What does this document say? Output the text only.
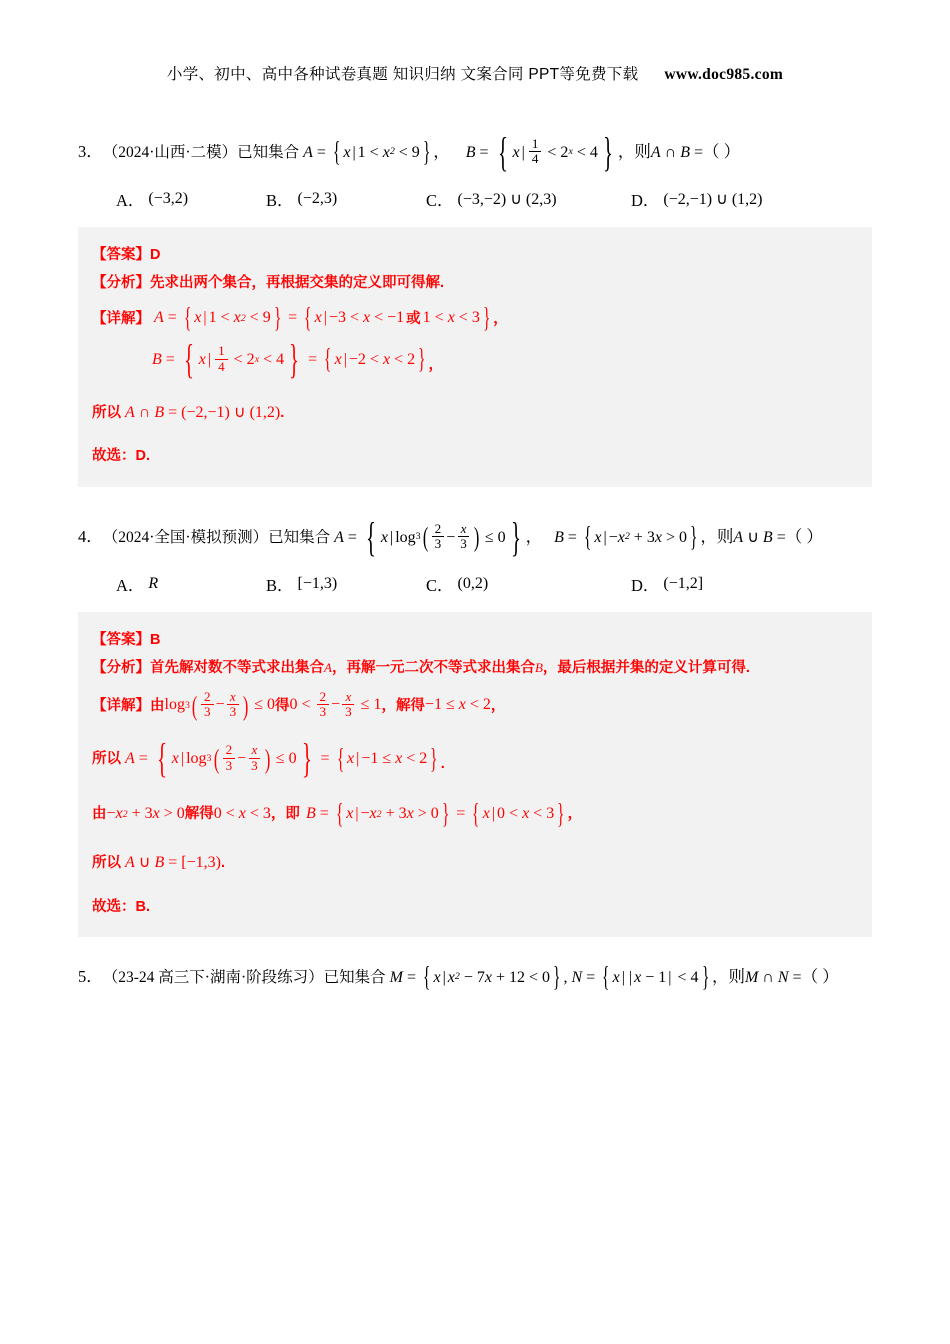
小学、初中、高中各种试卷真题 知识归纳 文案合同 PPT等免费下载 www.doc985.com
3． （2024·山西·二模） 已知集合 A = { x | 1 < x 2 < 9 } ， B = { x | $\frac{1}{4} < 2$ x < 4 } ，则 A ∩ B = （ ）
A． (−3,2)	B． (−2,3)	C． (−3,−2) ∪ (2,3)	D． (−2,−1) ∪ (1,2)
【答案】 D
【分析】 先求出两个集合，再根据交集的定义即可得解.
【详解】 A = { x | 1 < x 2 < 9 } = { x | −3 < x < −1 或 1 < x < 3 } ，
B = { x | $\frac{1}{4} < 2$ x < 4 } = { x | −2 < x < 2 } ，
所以 A ∩ B = (−2,−1) ∪ (1,2) .
故选： D.
4． （2024·全国·模拟预测） 已知集合 A = { x | log 3 ( $\frac{2}{3} - \frac{x}{3}$ ) ≤ 0 } ， B = { x | − x 2 + 3 x > 0 } ，则 A ∪ B = （ ）
A． R	B． [−1,3)	C． (0,2)	D． (−1,2]
【答案】 B
【分析】 首先解对数不等式求出集合 A ，再解一元二次不等式求出集合 B ，最后根据并集的定义计算可得.
【详解】 由 log 3 ( $\frac{2}{3} - \frac{x}{3}$ ) ≤ 0 得 $0 < \frac{2}{3} - \frac{x}{3} \le 1$ ， 解得 −1 ≤ x < 2 ，
所以 A = { x | log 3 ( $\frac{2}{3} - \frac{x}{3}$ ) ≤ 0 } = { x | −1 ≤ x < 2 } .
由 − x 2 + 3 x > 0 解得 0 < x < 3 ，即 B = { x | − x 2 + 3 x > 0 } = { x | 0 < x < 3 } ，
所以 A ∪ B = [−1,3) .
故选： B.
5． （23-24 高三下·湖南·阶段练习） 已知集合 M = { x | x 2 − 7 x + 12 < 0 } , N = { x | | x − 1 | < 4 } ，则 M ∩ N = （ ）
